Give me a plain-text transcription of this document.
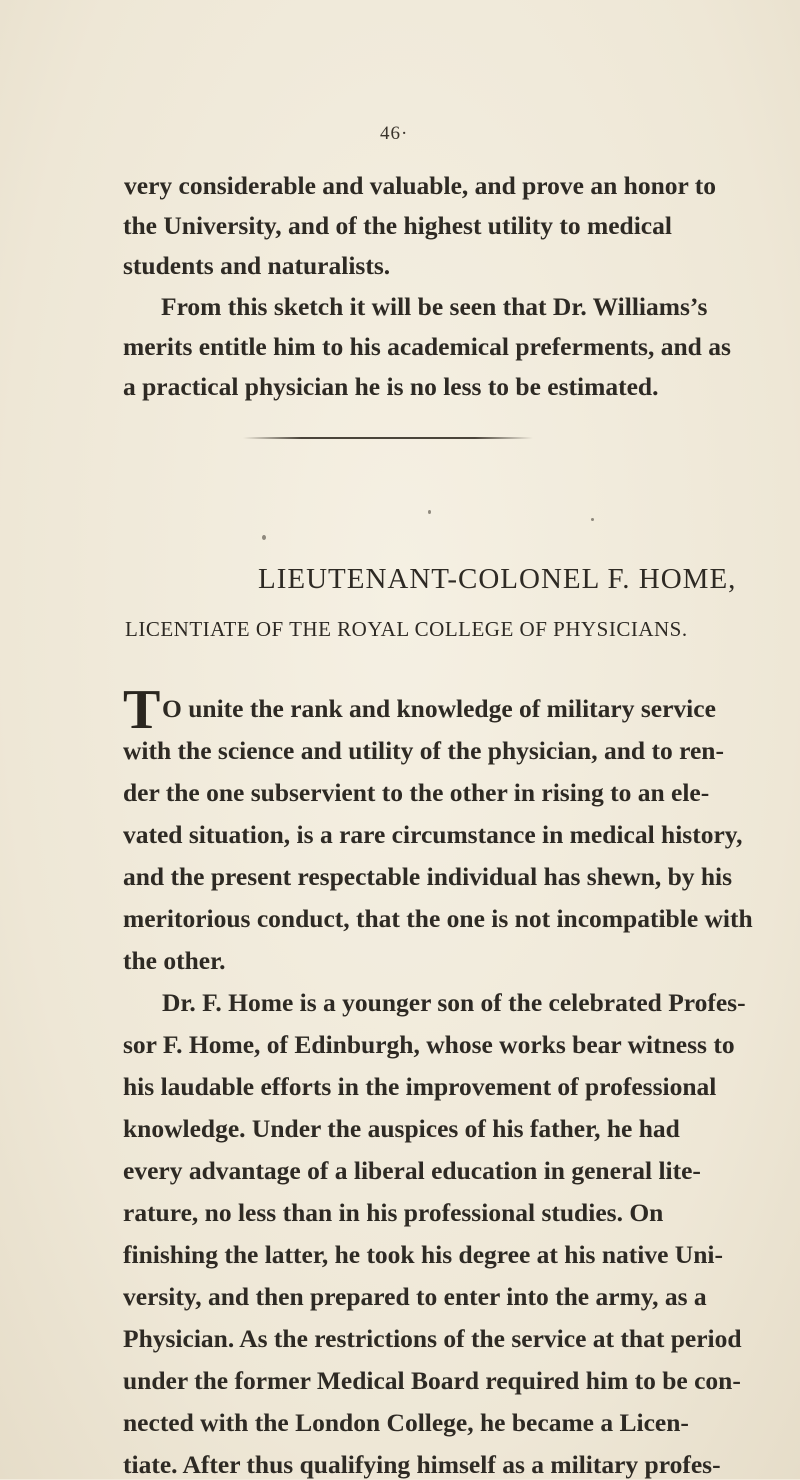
46·
very considerable and valuable, and prove an honor to
the University, and of the highest utility to medical
students and naturalists.
From this sketch it will be seen that Dr. Williams’s
merits entitle him to his academical preferments, and as
a practical physician he is no less to be estimated.
LIEUTENANT-COLONEL F. HOME,
LICENTIATE OF THE ROYAL COLLEGE OF PHYSICIANS.
T O unite the rank and knowledge of military service
with the science and utility of the physician, and to ren-
der the one subservient to the other in rising to an ele-
vated situation, is a rare circumstance in medical history,
and the present respectable individual has shewn, by his
meritorious conduct, that the one is not incompatible with
the other.
Dr. F. Home is a younger son of the celebrated Profes-
sor F. Home, of Edinburgh, whose works bear witness to
his laudable efforts in the improvement of professional
knowledge. Under the auspices of his father, he had
every advantage of a liberal education in general lite-
rature, no less than in his professional studies. On
finishing the latter, he took his degree at his native Uni-
versity, and then prepared to enter into the army, as a
Physician. As the restrictions of the service at that period
under the former Medical Board required him to be con-
nected with the London College, he became a Licen-
tiate. After thus qualifying himself as a military profes-
